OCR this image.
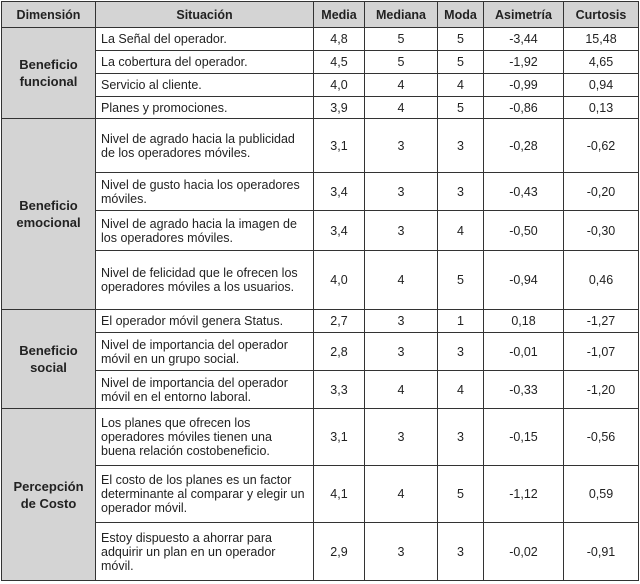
Dimensión	Situación	Media	Mediana	Moda	Asimetría	Curtosis
Beneficio funcional	La Señal del operador.	4,8	5	5	-3,44	15,48
	La cobertura del operador.	4,5	5	5	-1,92	4,65
	Servicio al cliente.	4,0	4	4	-0,99	0,94
	Planes y promociones.	3,9	4	5	-0,86	0,13
Beneficio emocional	Nivel de agrado hacia la publicidad de los operadores móviles.	3,1	3	3	-0,28	-0,62
	Nivel de gusto hacia los operadores móviles.	3,4	3	3	-0,43	-0,20
	Nivel de agrado hacia la imagen de los operadores móviles.	3,4	3	4	-0,50	-0,30
	Nivel de felicidad que le ofrecen los operadores móviles a los usuarios.	4,0	4	5	-0,94	0,46
Beneficio social	El operador móvil genera Status.	2,7	3	1	0,18	-1,27
	Nivel de importancia del operador móvil en un grupo social.	2,8	3	3	-0,01	-1,07
	Nivel de importancia del operador móvil en el entorno laboral.	3,3	4	4	-0,33	-1,20
Percepción de Costo	Los planes que ofrecen los operadores móviles tienen una buena relación costobeneficio.	3,1	3	3	-0,15	-0,56
	El costo de los planes es un factor determinante al comparar y elegir un operador móvil.	4,1	4	5	-1,12	0,59
	Estoy dispuesto a ahorrar para adquirir un plan en un operador móvil.	2,9	3	3	-0,02	-0,91
